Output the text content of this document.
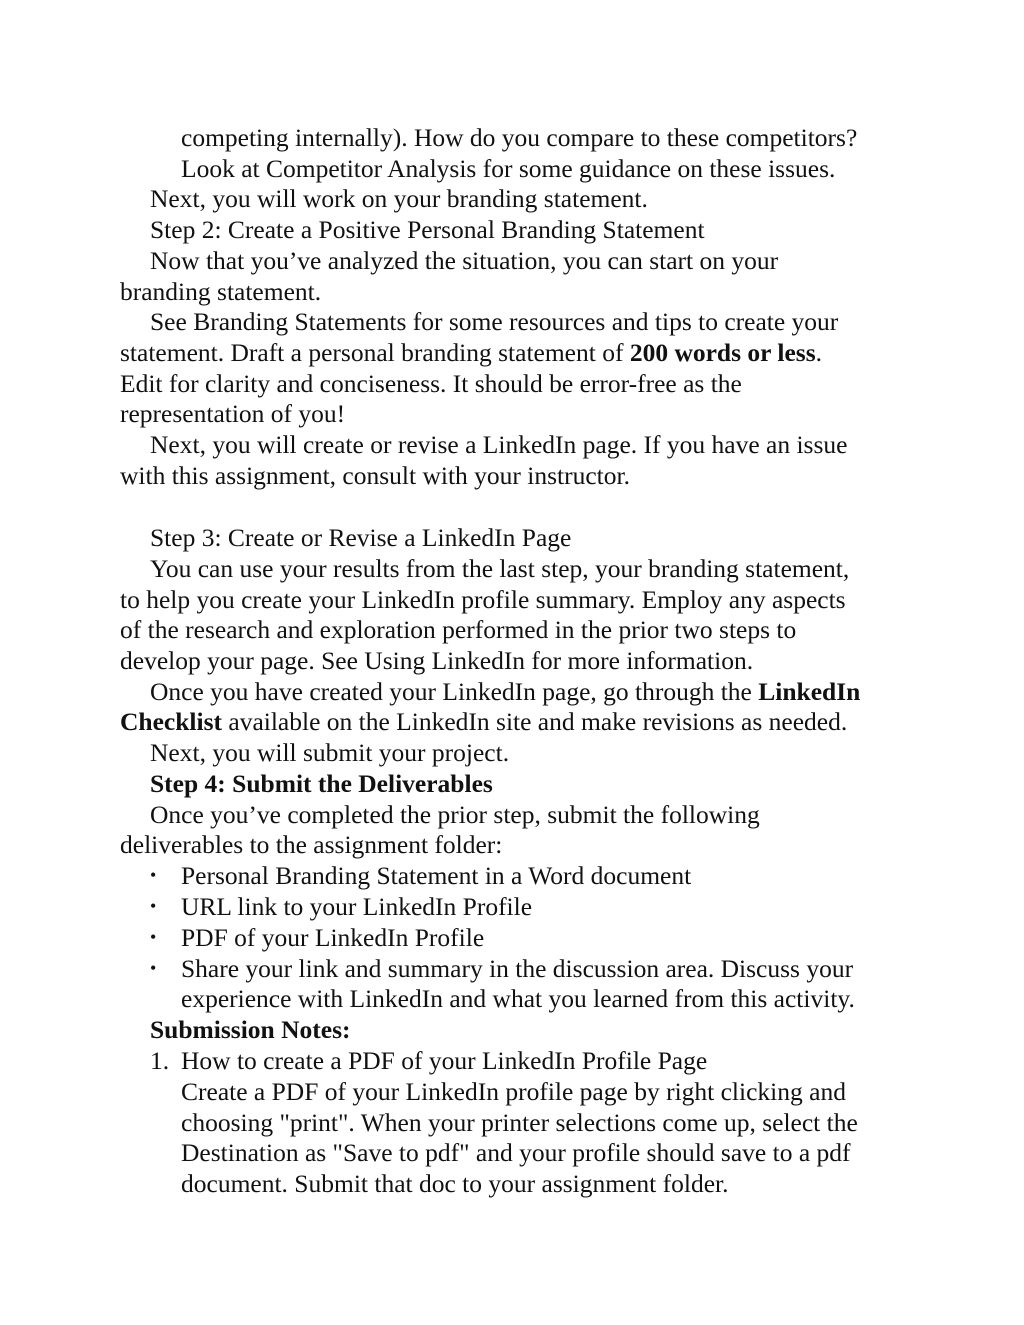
competing internally). How do you compare to these competitors?
Look at Competitor Analysis for some guidance on these issues.
Next, you will work on your branding statement.
Step 2: Create a Positive Personal Branding Statement
Now that you’ve analyzed the situation, you can start on your
branding statement.
See Branding Statements for some resources and tips to create your
statement. Draft a personal branding statement of 200 words or less.
Edit for clarity and conciseness. It should be error-free as the
representation of you!
Next, you will create or revise a LinkedIn page. If you have an issue
with this assignment, consult with your instructor.
Step 3: Create or Revise a LinkedIn Page
You can use your results from the last step, your branding statement,
to help you create your LinkedIn profile summary. Employ any aspects
of the research and exploration performed in the prior two steps to
develop your page. See Using LinkedIn for more information.
Once you have created your LinkedIn page, go through the LinkedIn
Checklist available on the LinkedIn site and make revisions as needed.
Next, you will submit your project.
Step 4: Submit the Deliverables
Once you’ve completed the prior step, submit the following
deliverables to the assignment folder:
• Personal Branding Statement in a Word document
• URL link to your LinkedIn Profile
• PDF of your LinkedIn Profile
• Share your link and summary in the discussion area. Discuss your
experience with LinkedIn and what you learned from this activity.
Submission Notes:
1. How to create a PDF of your LinkedIn Profile Page
Create a PDF of your LinkedIn profile page by right clicking and
choosing "print". When your printer selections come up, select the
Destination as "Save to pdf" and your profile should save to a pdf
document. Submit that doc to your assignment folder.
